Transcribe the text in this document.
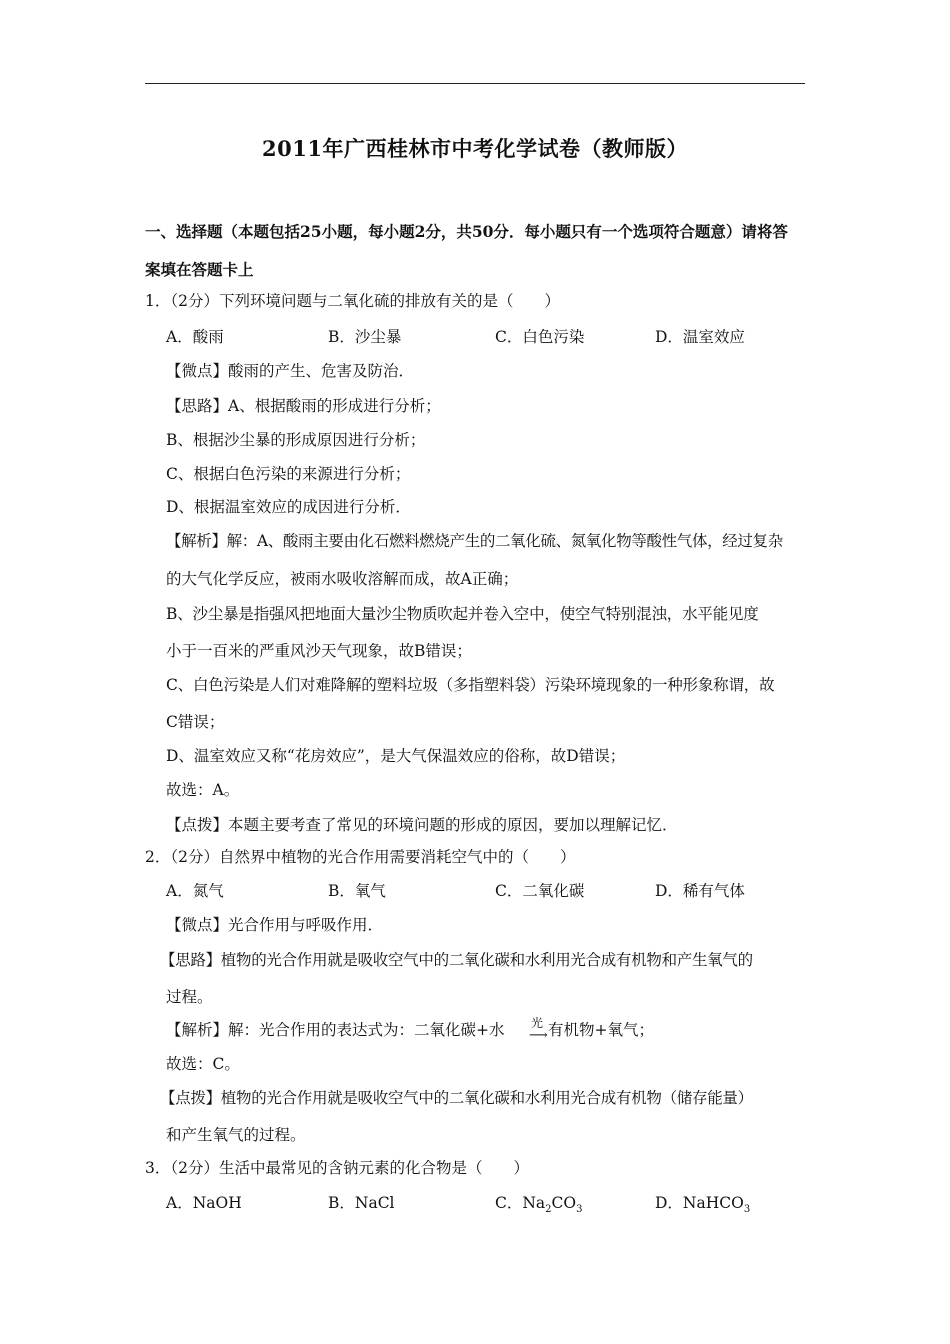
2011年广西桂林市中考化学试卷（教师版）
一、选择题（本题包括25小题，每小题2分，共50分．每小题只有一个选项符合题意）请将答
案填在答题卡上
1．（2分）下列环境问题与二氧化硫的排放有关的是（　　）
A．酸雨	B．沙尘暴	C．白色污染	D．温室效应
【微点】酸雨的产生、危害及防治．
【思路】A、根据酸雨的形成进行分析；
B、根据沙尘暴的形成原因进行分析；
C、根据白色污染的来源进行分析；
D、根据温室效应的成因进行分析．
【解析】解：A、酸雨主要由化石燃料燃烧产生的二氧化硫、氮氧化物等酸性气体，经过复杂
的大气化学反应，被雨水吸收溶解而成，故A正确；
B、沙尘暴是指强风把地面大量沙尘物质吹起并卷入空中，使空气特别混浊，水平能见度
小于一百米的严重风沙天气现象，故B错误；
C、白色污染是人们对难降解的塑料垃圾（多指塑料袋）污染环境现象的一种形象称谓，故
C错误；
D、温室效应又称“花房效应”，是大气保温效应的俗称，故D错误；
故选：A。
【点拨】本题主要考查了常见的环境问题的形成的原因，要加以理解记忆．
2．（2分）自然界中植物的光合作用需要消耗空气中的（　　）
A．氮气	B．氧气	C．二氧化碳	D．稀有气体
【微点】光合作用与呼吸作用．
【思路】植物的光合作用就是吸收空气中的二氧化碳和水利用光合成有机物和产生氧气的
过程。
【解析】解：光合作用的表达式为：二氧化碳+水 光
⟶ 有机物+氧气；
故选：C。
【点拨】植物的光合作用就是吸收空气中的二氧化碳和水利用光合成有机物（储存能量）
和产生氧气的过程。
3．（2分）生活中最常见的含钠元素的化合物是（　　）
A．NaOH	B．NaCl	C．$Na_2CO_3$	D．NaHCO$_3$
